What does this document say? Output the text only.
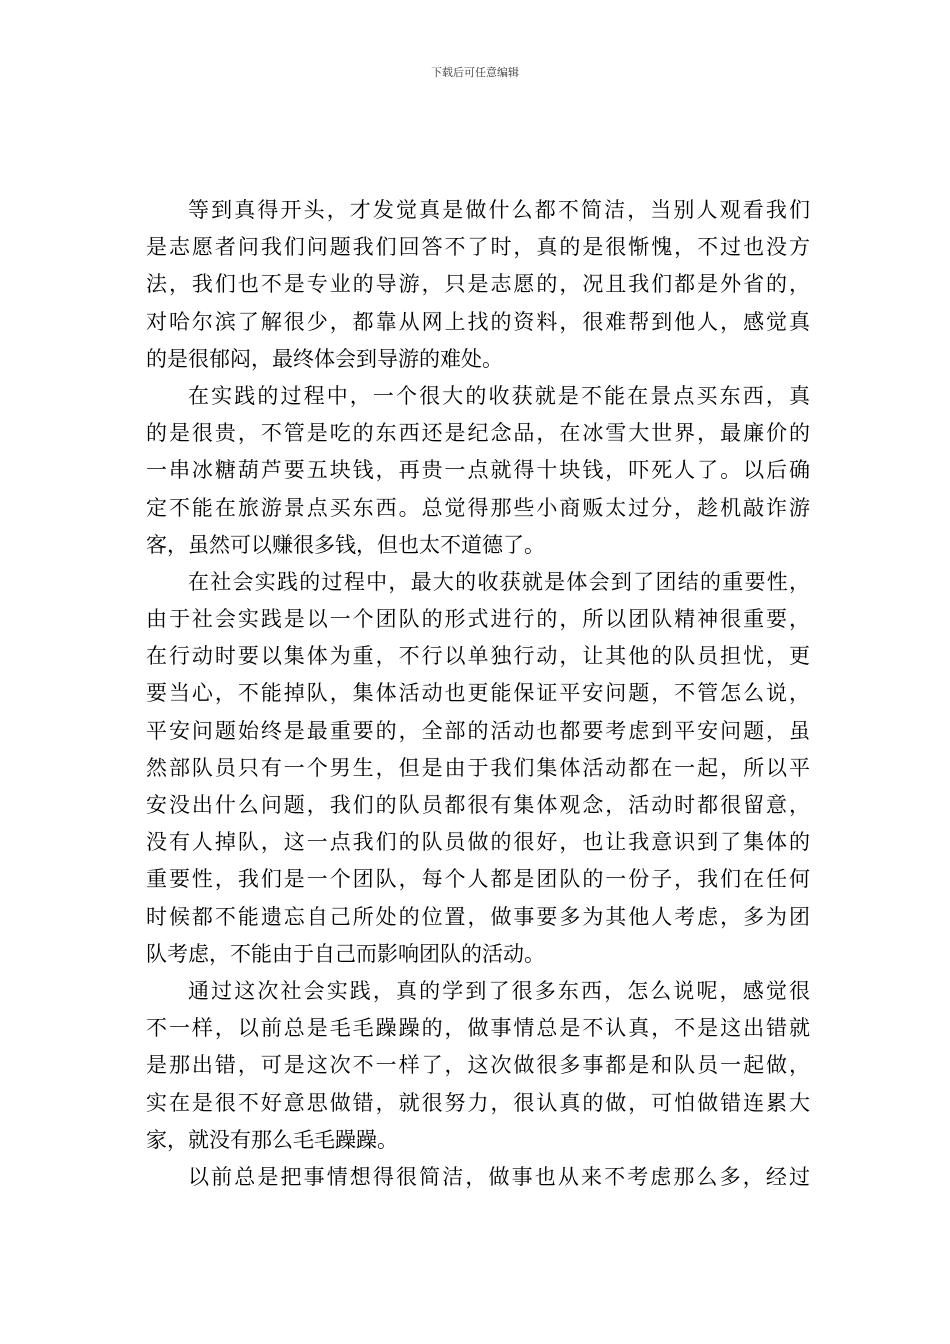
下载后可任意编辑
等到真得开头，才发觉真是做什么都不简洁，当别人观看我们
是志愿者问我们问题我们回答不了时，真的是很惭愧，不过也没方
法，我们也不是专业的导游，只是志愿的，况且我们都是外省的，
对哈尔滨了解很少，都靠从网上找的资料，很难帮到他人，感觉真
的是很郁闷，最终体会到导游的难处。
在实践的过程中，一个很大的收获就是不能在景点买东西，真
的是很贵，不管是吃的东西还是纪念品，在冰雪大世界，最廉价的
一串冰糖葫芦要五块钱，再贵一点就得十块钱，吓死人了。以后确
定不能在旅游景点买东西。总觉得那些小商贩太过分，趁机敲诈游
客，虽然可以赚很多钱，但也太不道德了。
在社会实践的过程中，最大的收获就是体会到了团结的重要性，
由于社会实践是以一个团队的形式进行的，所以团队精神很重要，
在行动时要以集体为重，不行以单独行动，让其他的队员担忧，更
要当心，不能掉队，集体活动也更能保证平安问题，不管怎么说，
平安问题始终是最重要的，全部的活动也都要考虑到平安问题，虽
然部队员只有一个男生，但是由于我们集体活动都在一起，所以平
安没出什么问题，我们的队员都很有集体观念，活动时都很留意，
没有人掉队，这一点我们的队员做的很好，也让我意识到了集体的
重要性，我们是一个团队，每个人都是团队的一份子，我们在任何
时候都不能遗忘自己所处的位置，做事要多为其他人考虑，多为团
队考虑，不能由于自己而影响团队的活动。
通过这次社会实践，真的学到了很多东西，怎么说呢，感觉很
不一样，以前总是毛毛躁躁的，做事情总是不认真，不是这出错就
是那出错，可是这次不一样了，这次做很多事都是和队员一起做，
实在是很不好意思做错，就很努力，很认真的做，可怕做错连累大
家，就没有那么毛毛躁躁。
以前总是把事情想得很简洁，做事也从来不考虑那么多，经过
